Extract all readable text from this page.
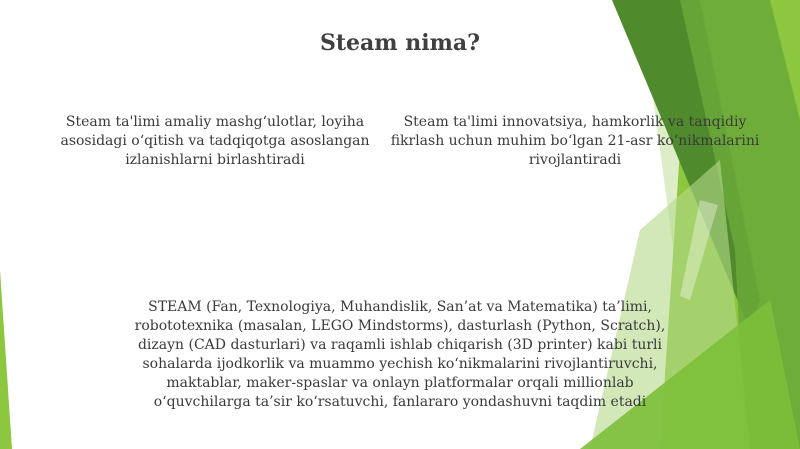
Steam nima?

Steam ta'limi amaliy mashg‘ulotlar, loyiha asosidagi o‘qitish va tadqiqotga asoslangan izlanishlarni birlashtiradi

Steam ta'limi innovatsiya, hamkorlik va tanqidiy fikrlash uchun muhim bo‘lgan 21-asr ko‘nikmalarini rivojlantiradi

STEAM (Fan, Texnologiya, Muhandislik, San’at va Matematika) ta’limi, robototexnika (masalan, LEGO Mindstorms), dasturlash (Python, Scratch), dizayn (CAD dasturlari) va raqamli ishlab chiqarish (3D printer) kabi turli sohalarda ijodkorlik va muammo yechish ko‘nikmalarini rivojlantiruvchi, maktablar, maker-spaslar va onlayn platformalar orqali millionlab o‘quvchilarga ta’sir ko‘rsatuvchi, fanlararo yondashuvni taqdim etadi
